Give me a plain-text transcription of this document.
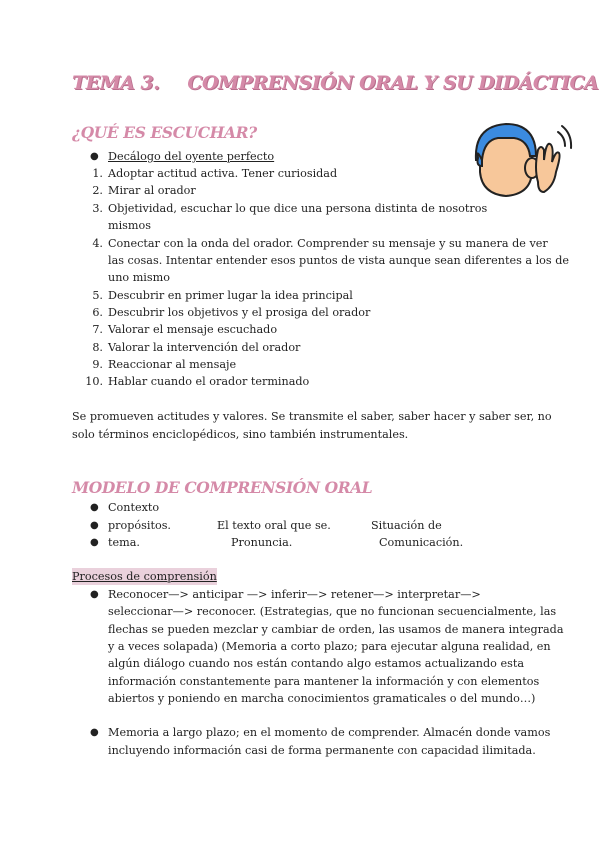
TEMA 3. COMPRENSIÓN ORAL Y SU DIDÁCTICA
¿QUÉ ES ESCUCHAR?
● Decálogo del oyente perfecto
1. Adoptar actitud activa. Tener curiosidad
2. Mirar al orador
3. Objetividad, escuchar lo que dice una persona distinta de nosotros
mismos
4. Conectar con la onda del orador. Comprender su mensaje y su manera de ver
las cosas. Intentar entender esos puntos de vista aunque sean diferentes a los de
uno mismo
5. Descubrir en primer lugar la idea principal
6. Descubrir los objetivos y el prosiga del orador
7. Valorar el mensaje escuchado
8. Valorar la intervención del orador
9. Reaccionar al mensaje
10. Hablar cuando el orador terminado
Se promueven actitudes y valores. Se transmite el saber, saber hacer y saber ser, no
solo términos enciclopédicos, sino también instrumentales.
MODELO DE COMPRENSIÓN ORAL
● Contexto
● propósitos.	El texto oral que se.	Situación de
● tema.	Pronuncia.	Comunicación.
Procesos de comprensión
● Reconocer—> anticipar —> inferir—> retener—> interpretar—>
seleccionar—> reconocer. (Estrategias, que no funcionan secuencialmente, las
flechas se pueden mezclar y cambiar de orden, las usamos de manera integrada
y a veces solapada) (Memoria a corto plazo; para ejecutar alguna realidad, en
algún diálogo cuando nos están contando algo estamos actualizando esta
información constantemente para mantener la información y con elementos
abiertos y poniendo en marcha conocimientos gramaticales o del mundo…)
● Memoria a largo plazo; en el momento de comprender. Almacén donde vamos
incluyendo información casi de forma permanente con capacidad ilimitada.
